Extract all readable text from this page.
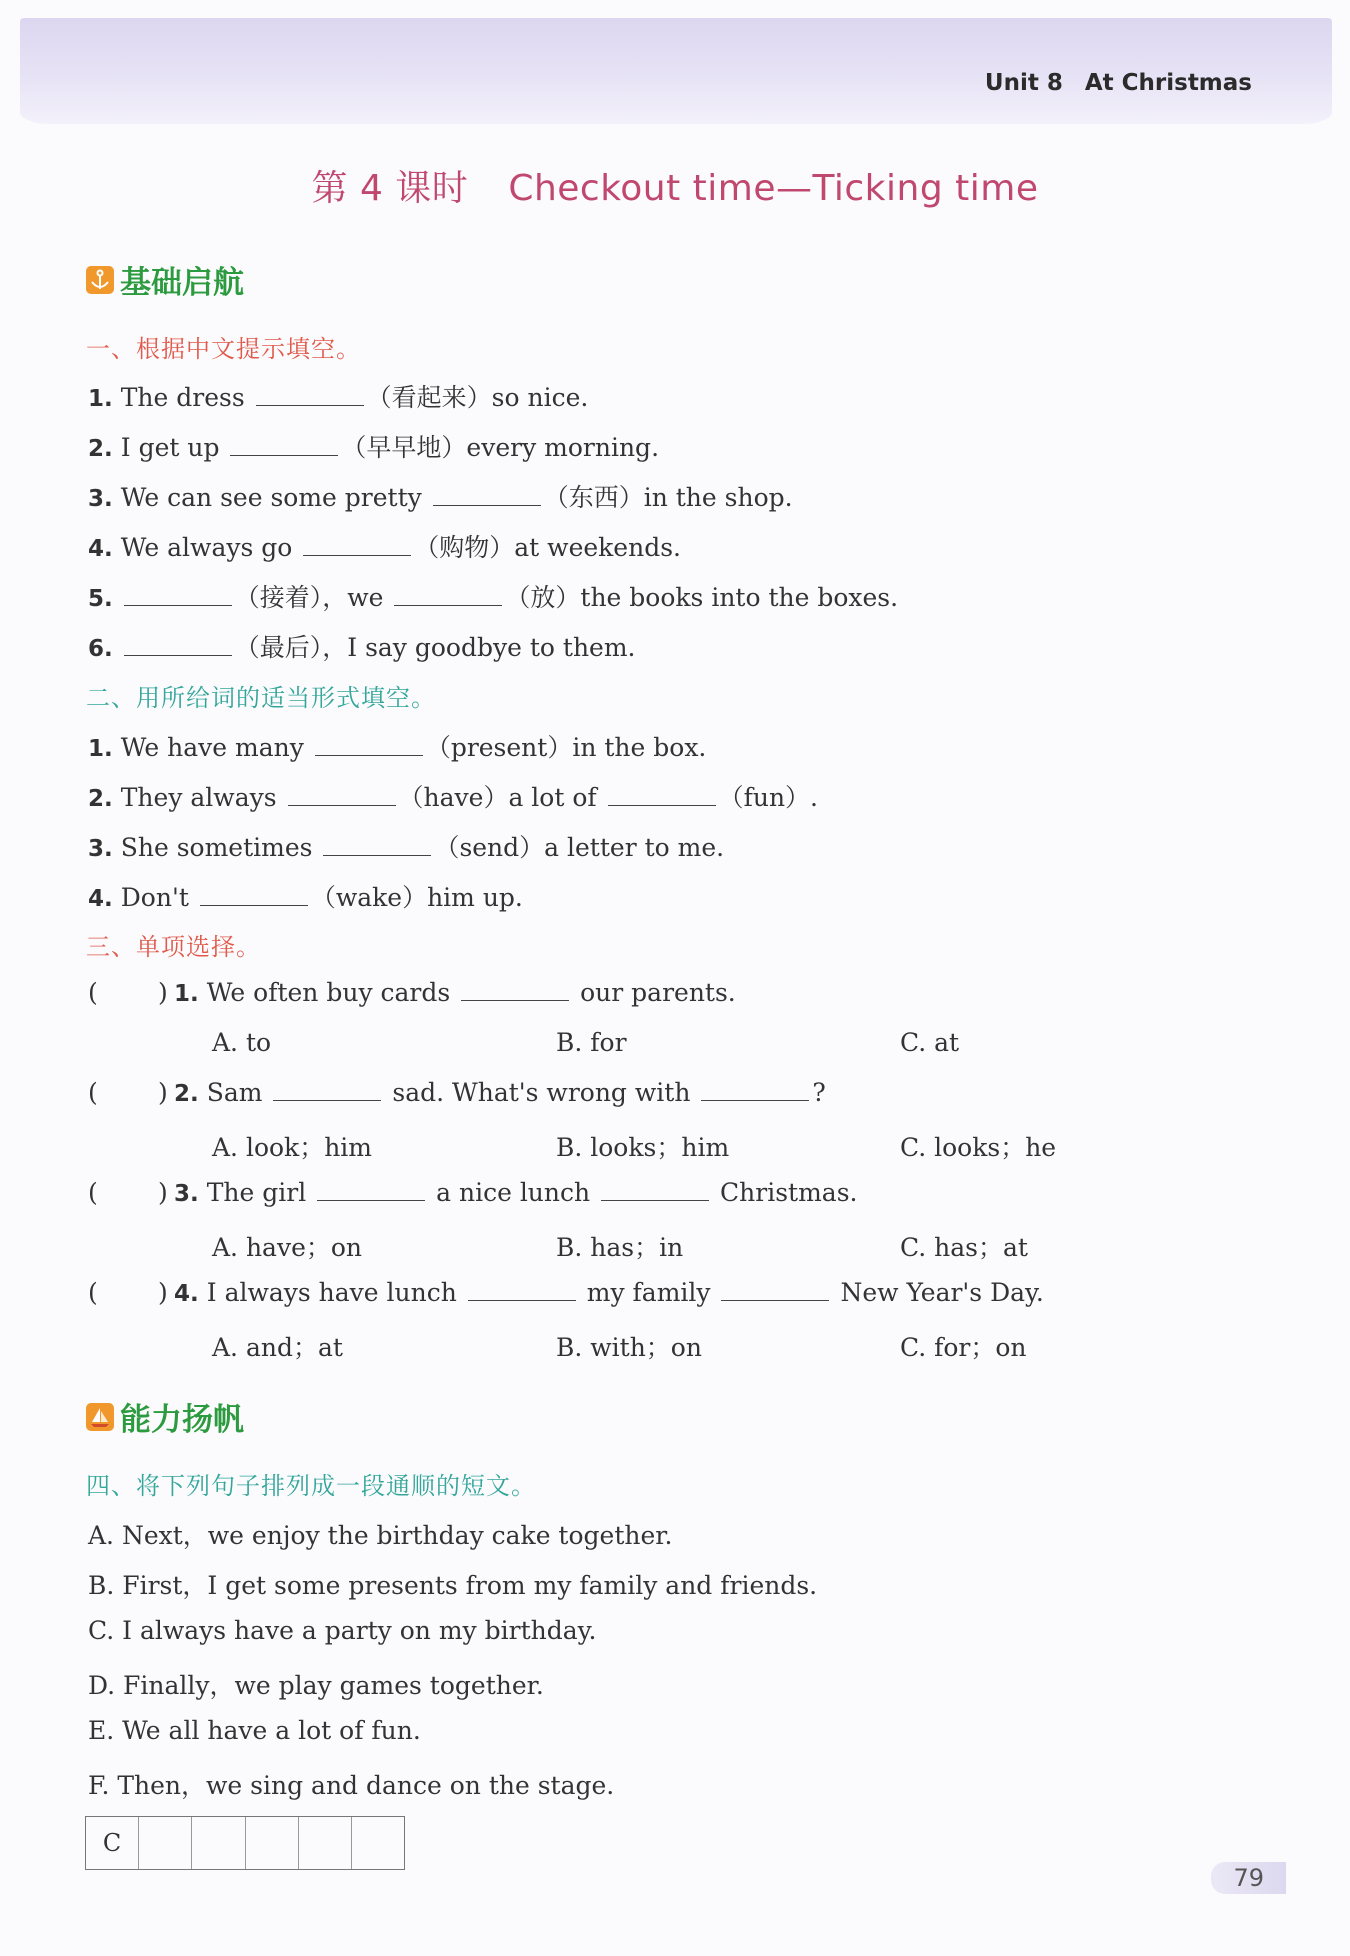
Unit 8 At Christmas
第 4 课时 Checkout time—Ticking time
基础启航
一、根据中文提示填空。
1. The dress	（看起来）so nice.
2. I get up	（早早地）every morning.
3. We can see some pretty	（东西）in the shop.
4. We always go	（购物）at weekends.
5.	（接着），we	（放）the books into the boxes.
6.	（最后），I say goodbye to them.
二、用所给词的适当形式填空。
1. We have many	（present）in the box.
2. They always	（have）a lot of	（fun）.
3. She sometimes	（send）a letter to me.
4. Don't	（wake）him up.
三、单项选择。
( ) 1. We often buy cards	our parents.
A. to	B. for	C. at
( ) 2. Sam	sad. What's wrong with	?
A. look；him	B. looks；him	C. looks；he
( ) 3. The girl	a nice lunch	Christmas.
A. have；on	B. has；in	C. has；at
( ) 4. I always have lunch	my family	New Year's Day.
A. and；at	B. with；on	C. for；on
能力扬帆
四、将下列句子排列成一段通顺的短文。
A. Next，we enjoy the birthday cake together.
B. First，I get some presents from my family and friends.
C. I always have a party on my birthday.
D. Finally，we play games together.
E. We all have a lot of fun.
F. Then，we sing and dance on the stage.
C
79
